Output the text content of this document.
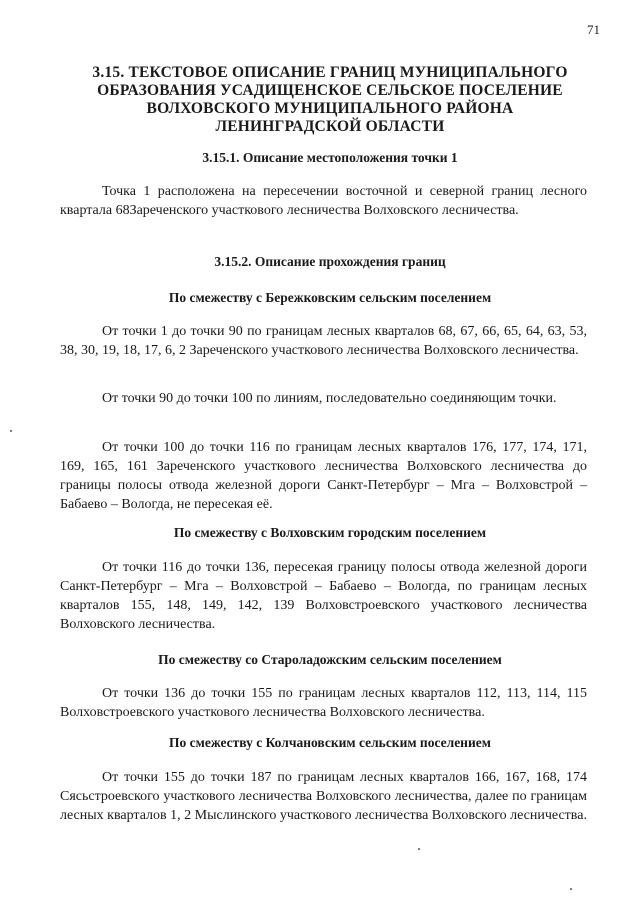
71
3.15. ТЕКСТОВОЕ ОПИСАНИЕ ГРАНИЦ МУНИЦИПАЛЬНОГО
ОБРАЗОВАНИЯ УСАДИЩЕНСКОЕ СЕЛЬСКОЕ ПОСЕЛЕНИЕ
ВОЛХОВСКОГО МУНИЦИПАЛЬНОГО РАЙОНА
ЛЕНИНГРАДСКОЙ ОБЛАСТИ
3.15.1. Описание местоположения точки 1

Точка 1 расположена на пересечении восточной и северной границ лесного квартала 68Зареченского участкового лесничества Волховского лесничества.

3.15.2. Описание прохождения границ
По смежеству с Бережковским сельским поселением

От точки 1 до точки 90 по границам лесных кварталов 68, 67, 66, 65, 64, 63, 53, 38, 30, 19, 18, 17, 6, 2 Зареченского участкового лесничества Волховского лесничества.

От точки 90 до точки 100 по линиям, последовательно соединяющим точки.

От точки 100 до точки 116 по границам лесных кварталов 176, 177, 174, 171, 169, 165, 161 Зареченского участкового лесничества Волховского лесничества до границы полосы отвода железной дороги Санкт-Петербург – Мга – Волховстрой – Бабаево – Вологда, не пересекая её.

По смежеству с Волховским городским поселением

От точки 116 до точки 136, пересекая границу полосы отвода железной дороги Санкт-Петербург – Мга – Волховстрой – Бабаево – Вологда, по границам лесных кварталов 155, 148, 149, 142, 139 Волховстроевского участкового лесничества Волховского лесничества.

По смежеству со Староладожским сельским поселением

От точки 136 до точки 155 по границам лесных кварталов 112, 113, 114, 115 Волховстроевского участкового лесничества Волховского лесничества.

По смежеству с Колчановским сельским поселением

От точки 155 до точки 187 по границам лесных кварталов 166, 167, 168, 174 Сясьстроевского участкового лесничества Волховского лесничества, далее по границам лесных кварталов 1, 2 Мыслинского участкового лесничества Волховского лесничества.
